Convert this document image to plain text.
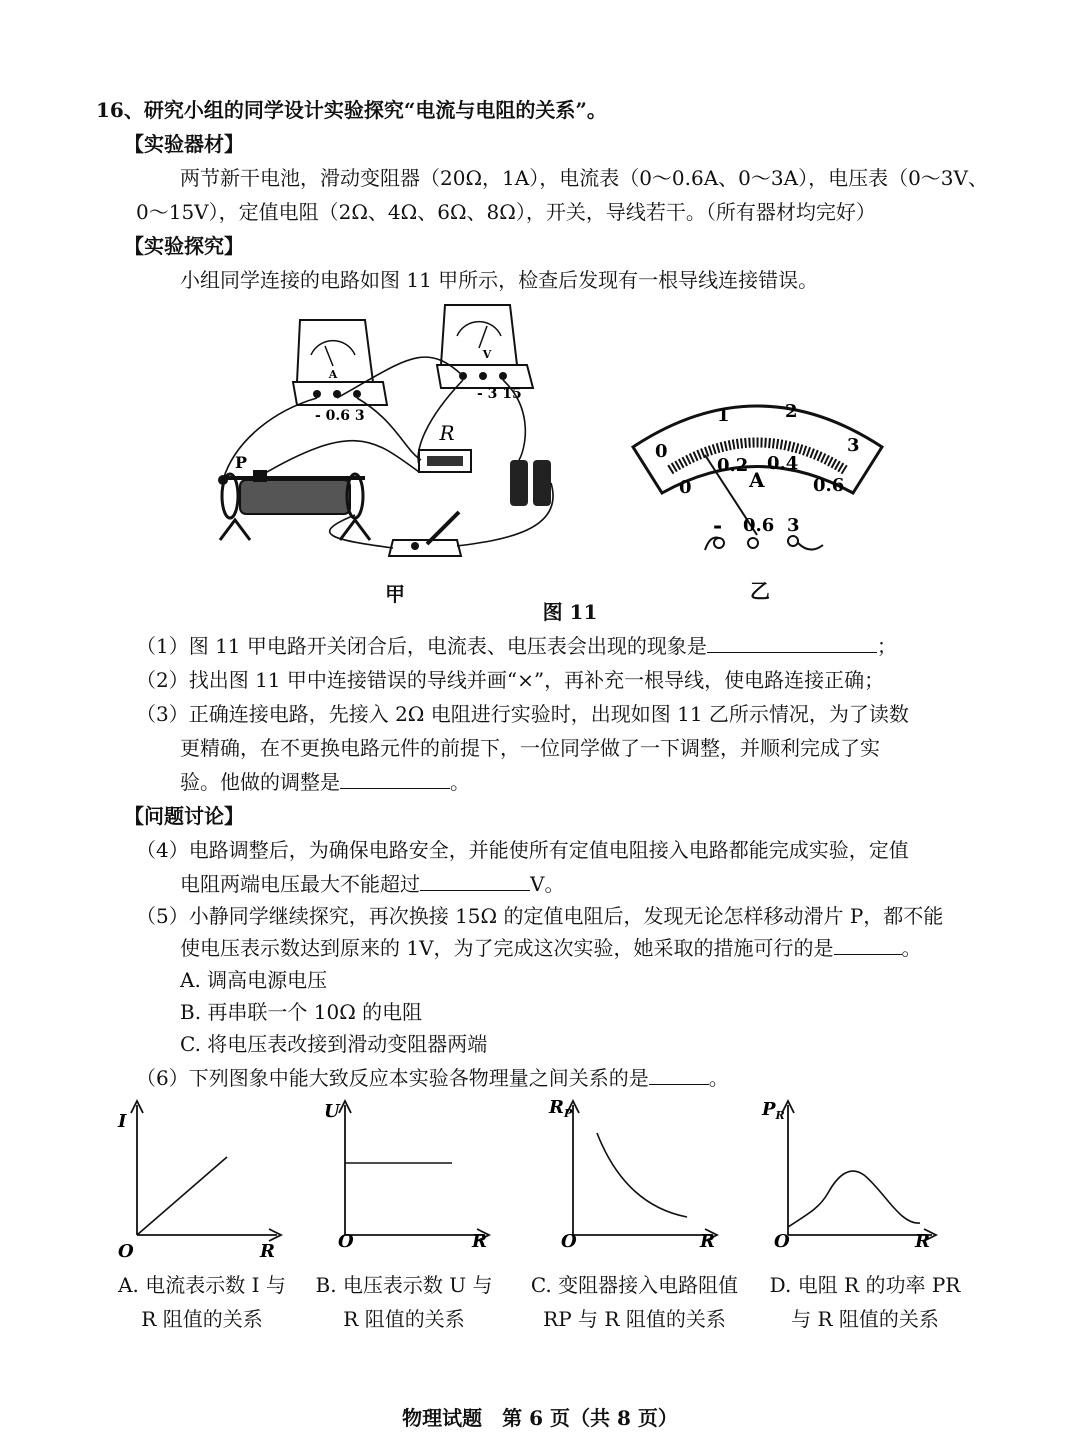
16、研究小组的同学设计实验探究“电流与电阻的关系”。
【实验器材】
两节新干电池，滑动变阻器（20Ω，1A），电流表（0～0.6A、0～3A），电压表（0～3V、
0～15V），定值电阻（2Ω、4Ω、6Ω、8Ω），开关，导线若干。（所有器材均完好）
【实验探究】
小组同学连接的电路如图 11 甲所示，检查后发现有一根导线连接错误。
A
- 0.6 3
V
- 3 15
R
P
0
1	2
3
0
0.2 0.4
0.6
A
- 0.6 3
甲	乙
图 11
（1）图 11 甲电路开关闭合后，电流表、电压表会出现的现象是	；
（2）找出图 11 甲中连接错误的导线并画“×”，再补充一根导线，使电路连接正确；
（3）正确连接电路，先接入 2Ω 电阻进行实验时，出现如图 11 乙所示情况，为了读数
更精确，在不更换电路元件的前提下，一位同学做了一下调整，并顺利完成了实
验。他做的调整是	。
【问题讨论】
（4）电路调整后，为确保电路安全，并能使所有定值电阻接入电路都能完成实验，定值
电阻两端电压最大不能超过	V。
（5）小静同学继续探究，再次换接 15Ω 的定值电阻后，发现无论怎样移动滑片 P，都不能
使电压表示数达到原来的 1V，为了完成这次实验，她采取的措施可行的是	。
A. 调高电源电压
B. 再串联一个 10Ω 的电阻
C. 将电压表改接到滑动变阻器两端
（6）下列图象中能大致反应本实验各物理量之间关系的是	。
I
R
O
U
R
O
$R_P$
R
O
$P_R$
R
O
A. 电流表示数 I 与
R 阻值的关系
B. 电压表示数 U 与
R 阻值的关系
C. 变阻器接入电路阻值
RP 与 R 阻值的关系
D. 电阻 R 的功率 PR
与 R 阻值的关系
物理试题　第 6 页（共 8 页）
